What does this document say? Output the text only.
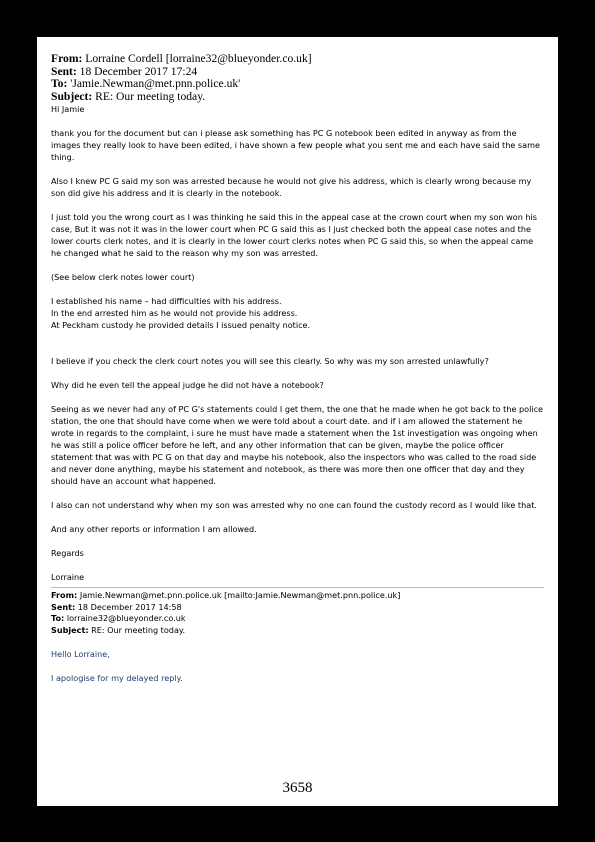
From: Lorraine Cordell [lorraine32@blueyonder.co.uk]
Sent: 18 December 2017 17:24
To: 'Jamie.Newman@met.pnn.police.uk'
Subject: RE: Our meeting today.

Hi Jamie

thank you for the document but can i please ask something has PC G notebook been edited in anyway as from the images they really look to have been edited, i have shown a few people what you sent me and each have said the same thing.

Also I knew PC G said my son was arrested because he would not give his address, which is clearly wrong because my son did give his address and it is clearly in the notebook.

I just told you the wrong court as I was thinking he said this in the appeal case at the crown court when my son won his case, But it was not it was in the lower court when PC G said this as I just checked both the appeal case notes and the lower courts clerk notes, and it is clearly in the lower court clerks notes when PC G said this, so when the appeal came he changed what he said to the reason why my son was arrested.

(See below clerk notes lower court)

I established his name – had difficulties with his address.

In the end arrested him as he would not provide his address.

At Peckham custody he provided details I issued penalty notice.

I believe if you check the clerk court notes you will see this clearly. So why was my son arrested unlawfully?

Why did he even tell the appeal judge he did not have a notebook?

Seeing as we never had any of PC G's statements could I get them, the one that he made when he got back to the police station, the one that should have come when we were told about a court date. and if i am allowed the statement he wrote in regards to the complaint, i sure he must have made a statement when the 1st investigation was ongoing when he was still a police officer before he left, and any other information that can be given, maybe the police officer statement that was with PC G on that day and maybe his notebook, also the inspectors who was called to the road side and never done anything, maybe his statement and notebook, as there was more then one officer that day and they should have an account what happened.

I also can not understand why when my son was arrested why no one can found the custody record as I would like that.

And any other reports or information I am allowed.

Regards

Lorraine

From: Jamie.Newman@met.pnn.police.uk [mailto:Jamie.Newman@met.pnn.police.uk]
Sent: 18 December 2017 14:58
To: lorraine32@blueyonder.co.uk
Subject: RE: Our meeting today.

Hello Lorraine,

I apologise for my delayed reply.

3658
